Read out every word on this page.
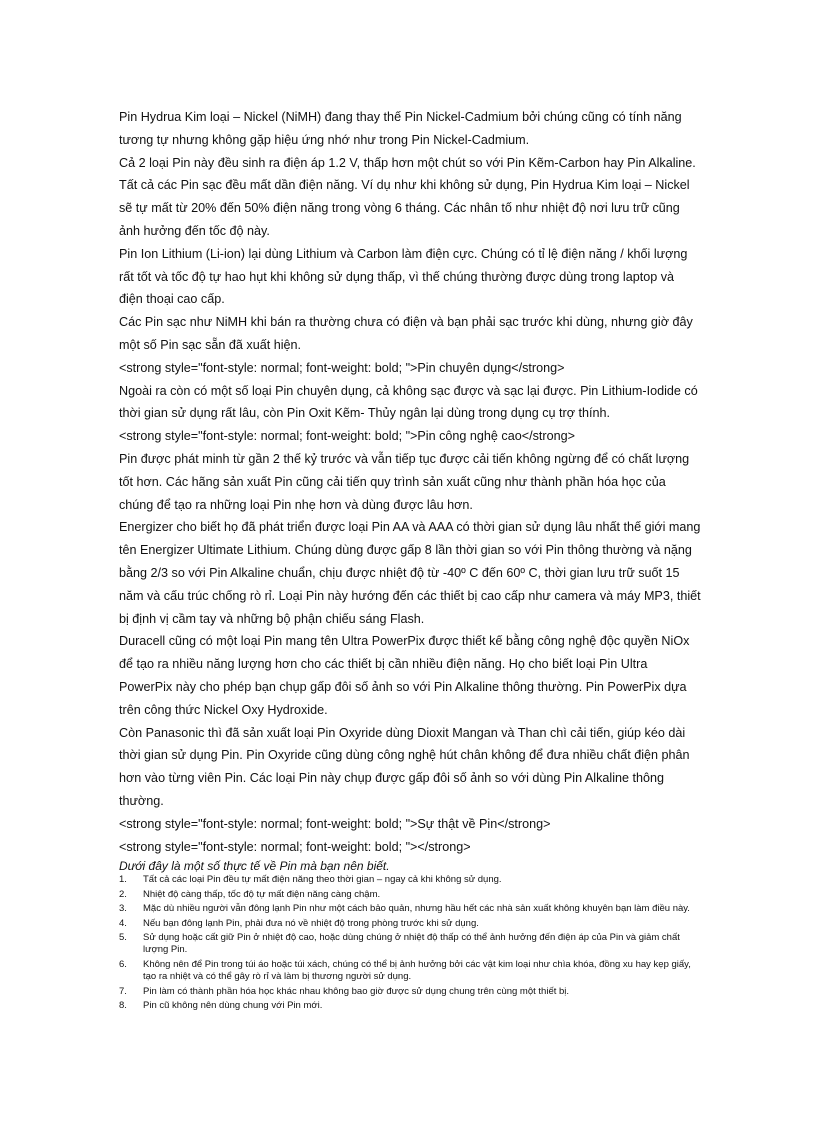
Pin Hydrua Kim loại – Nickel (NiMH) đang thay thế Pin Nickel-Cadmium bởi chúng cũng có tính năng tương tự nhưng không gặp hiệu ứng nhớ như trong Pin Nickel-Cadmium.

Cả 2 loại Pin này đều sinh ra điện áp 1.2 V, thấp hơn một chút so với Pin Kẽm-Carbon hay Pin Alkaline. Tất cả các Pin sạc đều mất dần điện năng. Ví dụ như khi không sử dụng, Pin Hydrua Kim loại – Nickel sẽ tự mất từ 20% đến 50% điện năng trong vòng 6 tháng. Các nhân tố như nhiệt độ nơi lưu trữ cũng ảnh hưởng đến tốc độ này.

Pin Ion Lithium (Li-ion) lại dùng Lithium và Carbon làm điện cực. Chúng có tỉ lệ điện năng / khối lượng rất tốt và tốc độ tự hao hụt khi không sử dụng thấp, vì thế chúng thường được dùng trong laptop và điện thoại cao cấp.

Các Pin sạc như NiMH khi bán ra thường chưa có điện và bạn phải sạc trước khi dùng, nhưng giờ đây một số Pin sạc sẵn đã xuất hiện.

<strong style="font-style: normal; font-weight: bold; ">Pin chuyên dụng</strong>

Ngoài ra còn có một số loại Pin chuyên dụng, cả không sạc được và sạc lại được. Pin Lithium-Iodide có thời gian sử dụng rất lâu, còn Pin Oxit Kẽm- Thủy ngân lại dùng trong dụng cụ trợ thính.

<strong style="font-style: normal; font-weight: bold; ">Pin công nghệ cao</strong>

Pin được phát minh từ gần 2 thế kỷ trước và vẫn tiếp tục được cải tiến không ngừng để có chất lượng tốt hơn. Các hãng sản xuất Pin cũng cải tiến quy trình sản xuất cũng như thành phần hóa học của chúng để tạo ra những loại Pin nhẹ hơn và dùng được lâu hơn.

Energizer cho biết họ đã phát triển được loại Pin AA và AAA có thời gian sử dụng lâu nhất thế giới mang tên Energizer Ultimate Lithium. Chúng dùng được gấp 8 lần thời gian so với Pin thông thường và nặng bằng 2/3 so với Pin Alkaline chuẩn, chịu được nhiệt độ từ -40º C đến 60º C, thời gian lưu trữ suốt 15 năm và cấu trúc chống rò rỉ. Loại Pin này hướng đến các thiết bị cao cấp như camera và máy MP3, thiết bị định vị cầm tay và những bộ phận chiếu sáng Flash.

Duracell cũng có một loại Pin mang tên Ultra PowerPix được thiết kế bằng công nghệ độc quyền NiOx để tạo ra nhiều năng lượng hơn cho các thiết bị cần nhiều điện năng. Họ cho biết loại Pin Ultra PowerPix này cho phép bạn chụp gấp đôi số ảnh so với Pin Alkaline thông thường. Pin PowerPix dựa trên công thức Nickel Oxy Hydroxide.

Còn Panasonic thì đã sản xuất loại Pin Oxyride dùng Dioxit Mangan và Than chì cải tiến, giúp kéo dài thời gian sử dụng Pin. Pin Oxyride cũng dùng công nghệ hút chân không để đưa nhiều chất điện phân hơn vào từng viên Pin. Các loại Pin này chụp được gấp đôi số ảnh so với dùng Pin Alkaline thông thường.

<strong style="font-style: normal; font-weight: bold; ">Sự thật về Pin</strong>

<strong style="font-style: normal; font-weight: bold; "></strong>

Dưới đây là một số thực tế về Pin mà bạn nên biết.

1. Tất cả các loại Pin đều tự mất điện năng theo thời gian – ngay cả khi không sử dụng.
2. Nhiệt độ càng thấp, tốc độ tự mất điện năng càng chậm.
3. Mặc dù nhiều người vẫn đông lạnh Pin như một cách bảo quản, nhưng hầu hết các nhà sản xuất không khuyên bạn làm điều này.
4. Nếu bạn đông lạnh Pin, phải đưa nó về nhiệt độ trong phòng trước khi sử dụng.
5. Sử dụng hoặc cất giữ Pin ở nhiệt độ cao, hoặc dùng chúng ở nhiệt độ thấp có thể ảnh hưởng đến điện áp của Pin và giảm chất lượng Pin.
6. Không nên để Pin trong túi áo hoặc túi xách, chúng có thể bị ảnh hưởng bởi các vật kim loại như chìa khóa, đồng xu hay kẹp giấy, tạo ra nhiệt và có thể gây rò rỉ và làm bị thương người sử dụng.
7. Pin làm có thành phần hóa học khác nhau không bao giờ được sử dụng chung trên cùng một thiết bị.
8. Pin cũ không nên dùng chung với Pin mới.
